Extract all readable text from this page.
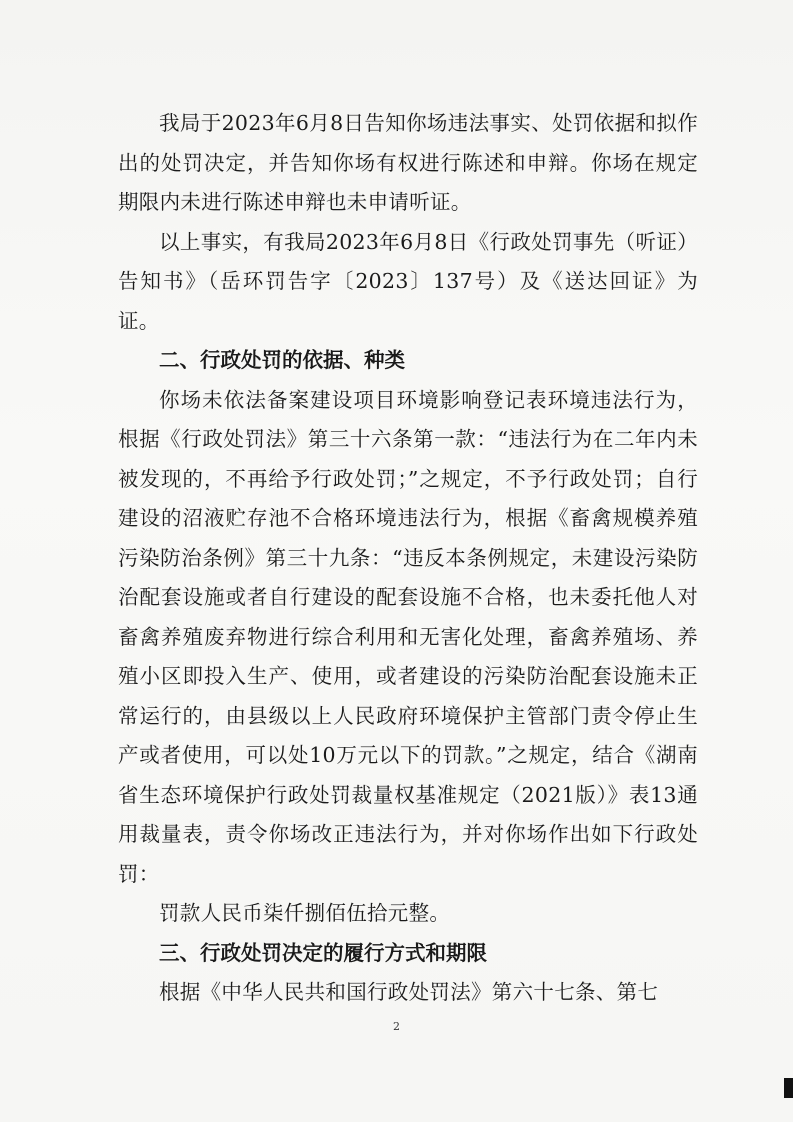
我局于2023年6月8日告知你场违法事实、处罚依据和拟作出的处罚决定，并告知你场有权进行陈述和申辩。你场在规定期限内未进行陈述申辩也未申请听证。

以上事实，有我局2023年6月8日《行政处罚事先（听证）告知书》（岳环罚告字〔2023〕137号）及《送达回证》为证。

二、行政处罚的依据、种类

你场未依法备案建设项目环境影响登记表环境违法行为，根据《行政处罚法》第三十六条第一款：“违法行为在二年内未被发现的，不再给予行政处罚；”之规定，不予行政处罚；自行建设的沼液贮存池不合格环境违法行为，根据《畜禽规模养殖污染防治条例》第三十九条：“违反本条例规定，未建设污染防治配套设施或者自行建设的配套设施不合格，也未委托他人对畜禽养殖废弃物进行综合利用和无害化处理，畜禽养殖场、养殖小区即投入生产、使用，或者建设的污染防治配套设施未正常运行的，由县级以上人民政府环境保护主管部门责令停止生产或者使用，可以处10万元以下的罚款。”之规定，结合《湖南省生态环境保护行政处罚裁量权基准规定（2021版）》表13通用裁量表，责令你场改正违法行为，并对你场作出如下行政处罚：

罚款人民币柒仟捌佰伍拾元整。

三、行政处罚决定的履行方式和期限

根据《中华人民共和国行政处罚法》第六十七条、第七

2
